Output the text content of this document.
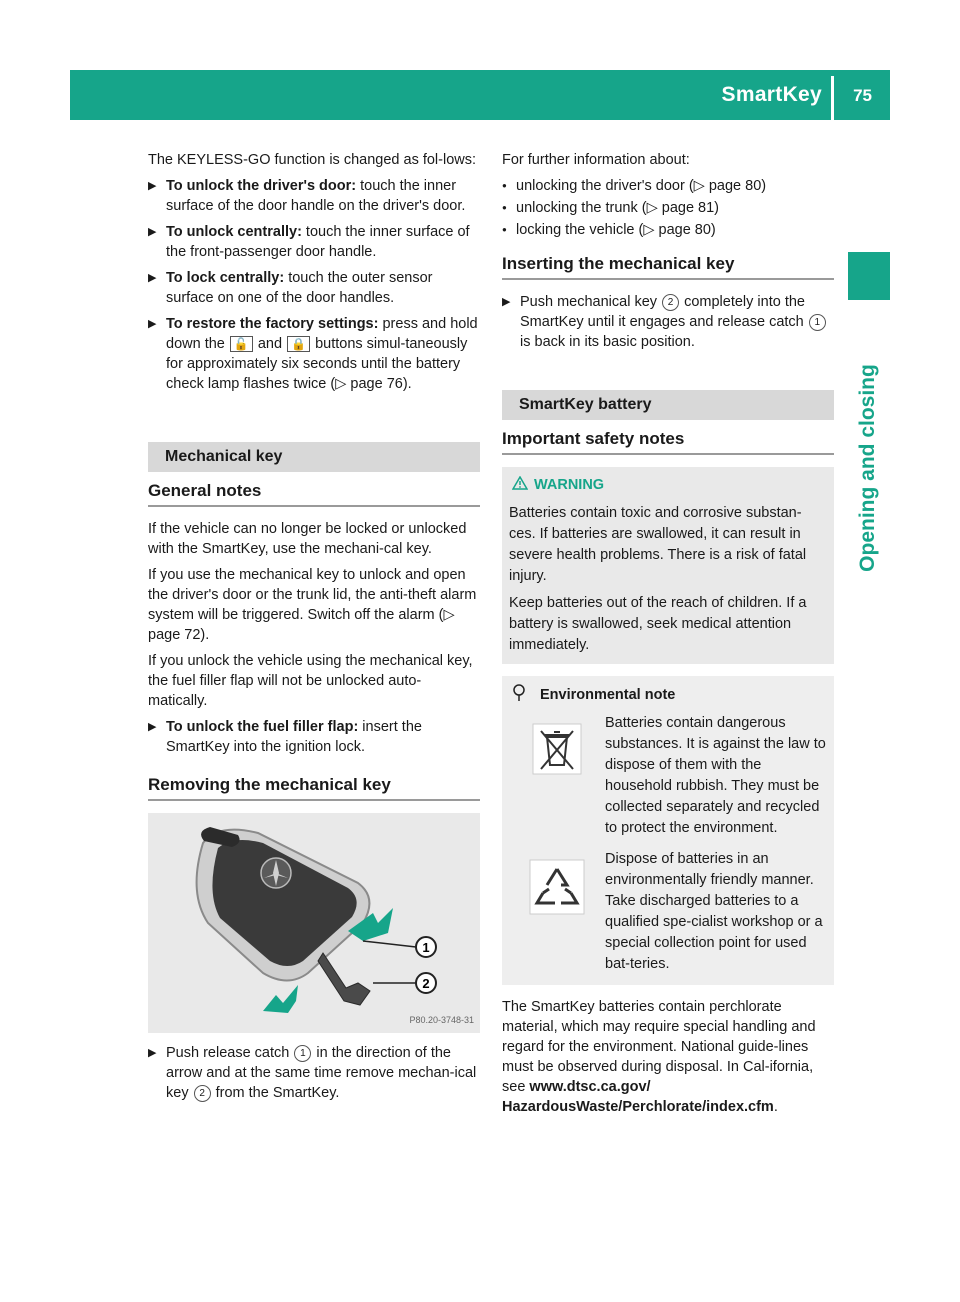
SmartKey 75
Opening and closing

The KEYLESS-GO function is changed as fol-lows:

▶ To unlock the driver's door: touch the inner surface of the door handle on the driver's door.
▶ To unlock centrally: touch the inner surface of the front-passenger door handle.
▶ To lock centrally: touch the outer sensor surface on one of the door handles.
▶ To restore the factory settings: press and hold down the 🔓 and 🔒 buttons simul-taneously for approximately six seconds until the battery check lamp flashes twice (▷ page 76).
Mechanical key
General notes

If the vehicle can no longer be locked or unlocked with the SmartKey, use the mechani-cal key.

If you use the mechanical key to unlock and open the driver's door or the trunk lid, the anti-theft alarm system will be triggered. Switch off the alarm (▷ page 72).

If you unlock the vehicle using the mechanical key, the fuel filler flap will not be unlocked auto-matically.

▶ To unlock the fuel filler flap: insert the SmartKey into the ignition lock.
Removing the mechanical key
1
2
P80.20-3748-31
▶ Push release catch 1 in the direction of the arrow and at the same time remove mechan-ical key 2 from the SmartKey.

For further information about:

● unlocking the driver's door (▷ page 80)
● unlocking the trunk (▷ page 81)
● locking the vehicle (▷ page 80)
Inserting the mechanical key
▶ Push mechanical key 2 completely into the SmartKey until it engages and release catch 1 is back in its basic position.
SmartKey battery
Important safety notes
WARNING

Batteries contain toxic and corrosive substan-ces. If batteries are swallowed, it can result in severe health problems. There is a risk of fatal injury.

Keep batteries out of the reach of children. If a battery is swallowed, seek medical attention immediately.

Environmental note
Batteries contain dangerous substances. It is against the law to dispose of them with the household rubbish. They must be collected separately and recycled to protect the environment.
Dispose of batteries in an environmentally friendly manner. Take discharged batteries to a qualified spe-cialist workshop or a special collection point for used bat-teries.

The SmartKey batteries contain perchlorate material, which may require special handling and regard for the environment. National guide-lines must be observed during disposal. In Cal-ifornia, see www.dtsc.ca.gov/ HazardousWaste/Perchlorate/index.cfm.
